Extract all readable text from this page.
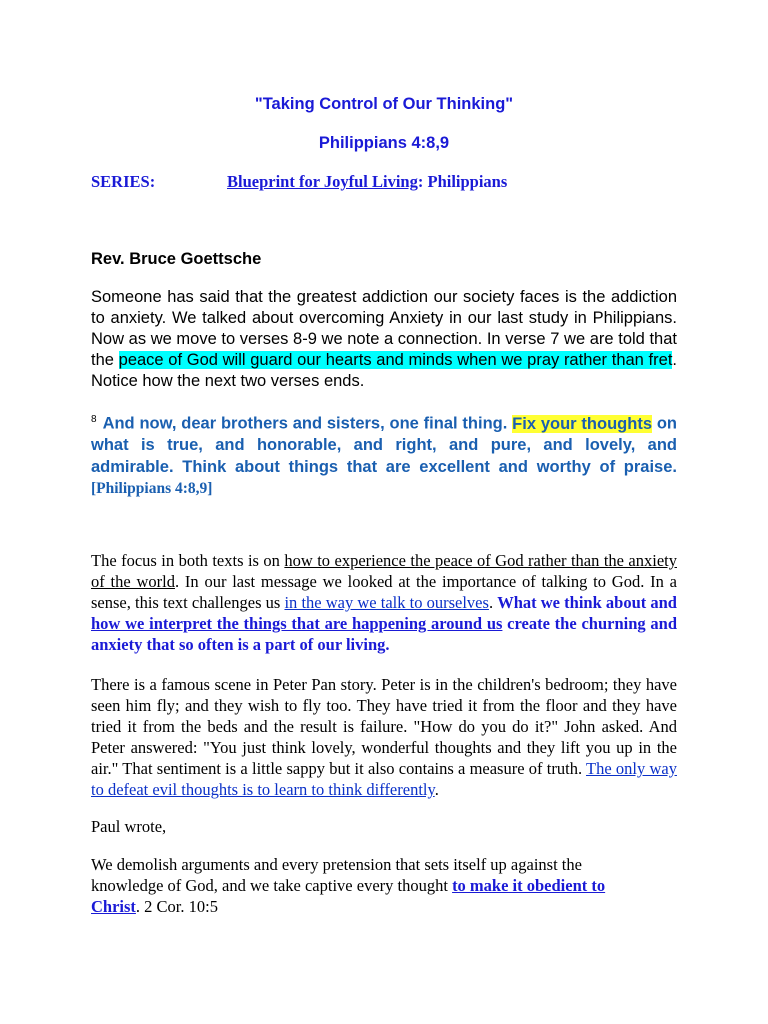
"Taking Control of Our Thinking"
Philippians 4:8,9
SERIES:	Blueprint for Joyful Living: Philippians
Rev. Bruce Goettsche
Someone has said that the greatest addiction our society faces is the addiction to anxiety. We talked about overcoming Anxiety in our last study in Philippians. Now as we move to verses 8-9 we note a connection. In verse 7 we are told that the peace of God will guard our hearts and minds when we pray rather than fret. Notice how the next two verses ends.
$^8$ And now, dear brothers and sisters, one final thing. Fix your thoughts on what is true, and honorable, and right, and pure, and lovely, and admirable. Think about things that are excellent and worthy of praise. [Philippians 4:8,9]
The focus in both texts is on how to experience the peace of God rather than the anxiety of the world. In our last message we looked at the importance of talking to God. In a sense, this text challenges us in the way we talk to ourselves. What we think about and how we interpret the things that are happening around us create the churning and anxiety that so often is a part of our living.
There is a famous scene in Peter Pan story. Peter is in the children's bedroom; they have seen him fly; and they wish to fly too. They have tried it from the floor and they have tried it from the beds and the result is failure. "How do you do it?" John asked. And Peter answered: "You just think lovely, wonderful thoughts and they lift you up in the air." That sentiment is a little sappy but it also contains a measure of truth. The only way to defeat evil thoughts is to learn to think differently.
Paul wrote,
We demolish arguments and every pretension that sets itself up against the knowledge of God, and we take captive every thought to make it obedient to Christ. 2 Cor. 10:5
